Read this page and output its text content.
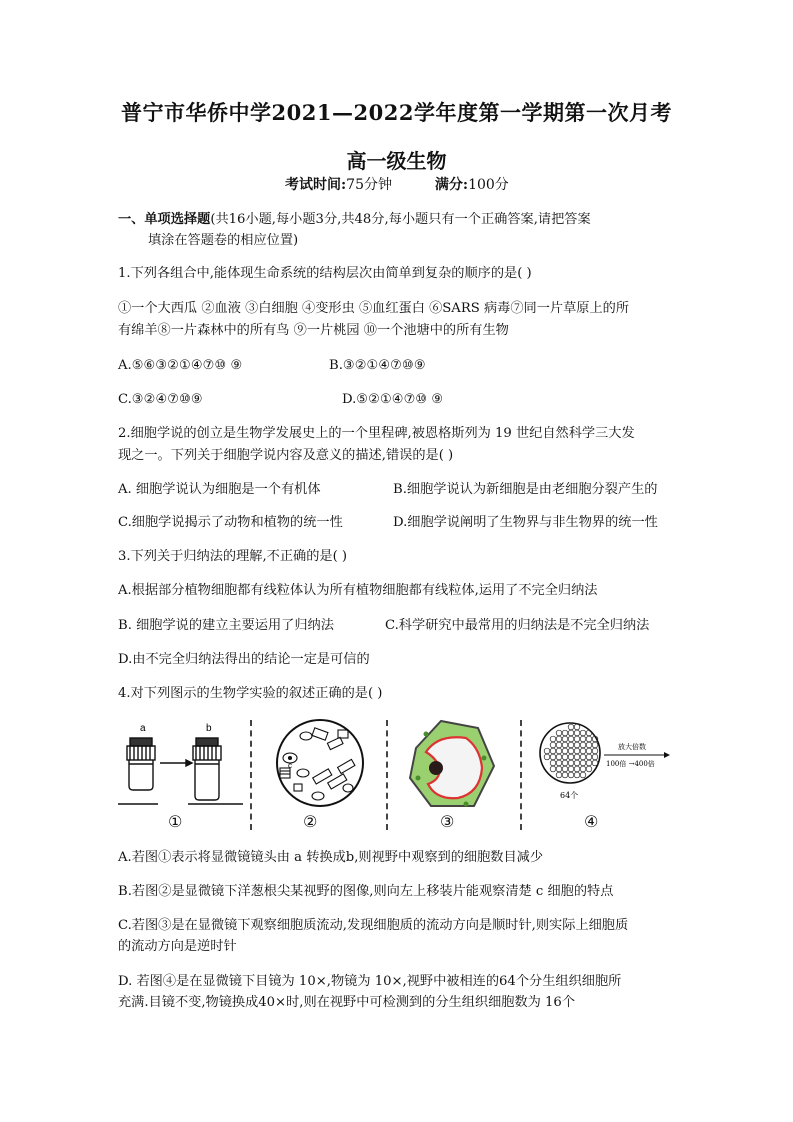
普宁市华侨中学2021—2022学年度第一学期第一次月考
高一级生物
考试时间:75分钟	满分:100分
一、单项选择题(共16小题,每小题3分,共48分,每小题只有一个正确答案,请把答案
填涂在答题卷的相应位置)
1.下列各组合中,能体现生命系统的结构层次由简单到复杂的顺序的是( )
①一个大西瓜 ②血液 ③白细胞 ④变形虫 ⑤血红蛋白 ⑥SARS 病毒⑦同一片草原上的所
有绵羊⑧一片森林中的所有鸟 ⑨一片桃园 ⑩一个池塘中的所有生物
A.⑤⑥③②①④⑦⑩ ⑨	B.③②①④⑦⑩⑨
C.③②④⑦⑩⑨	D.⑤②①④⑦⑩ ⑨
2.细胞学说的创立是生物学发展史上的一个里程碑,被恩格斯列为 19 世纪自然科学三大发
现之一。下列关于细胞学说内容及意义的描述,错误的是( )
A. 细胞学说认为细胞是一个有机体	B.细胞学说认为新细胞是由老细胞分裂产生的
C.细胞学说揭示了动物和植物的统一性	D.细胞学说阐明了生物界与非生物界的统一性
3.下列关于归纳法的理解,不正确的是( )
A.根据部分植物细胞都有线粒体认为所有植物细胞都有线粒体,运用了不完全归纳法
B. 细胞学说的建立主要运用了归纳法	C.科学研究中最常用的归纳法是不完全归纳法
D.由不完全归纳法得出的结论一定是可信的
4.对下列图示的生物学实验的叙述正确的是( )
a	b
c
放大倍数
100倍 →400倍
64个
①	②	③	④
A.若图①表示将显微镜镜头由 a 转换成b,则视野中观察到的细胞数目减少
B.若图②是显微镜下洋葱根尖某视野的图像,则向左上移装片能观察清楚 c 细胞的特点
C.若图③是在显微镜下观察细胞质流动,发现细胞质的流动方向是顺时针,则实际上细胞质
的流动方向是逆时针
D. 若图④是在显微镜下目镜为 10×,物镜为 10×,视野中被相连的64个分生组织细胞所
充满.目镜不变,物镜换成40×时,则在视野中可检测到的分生组织细胞数为 16个
